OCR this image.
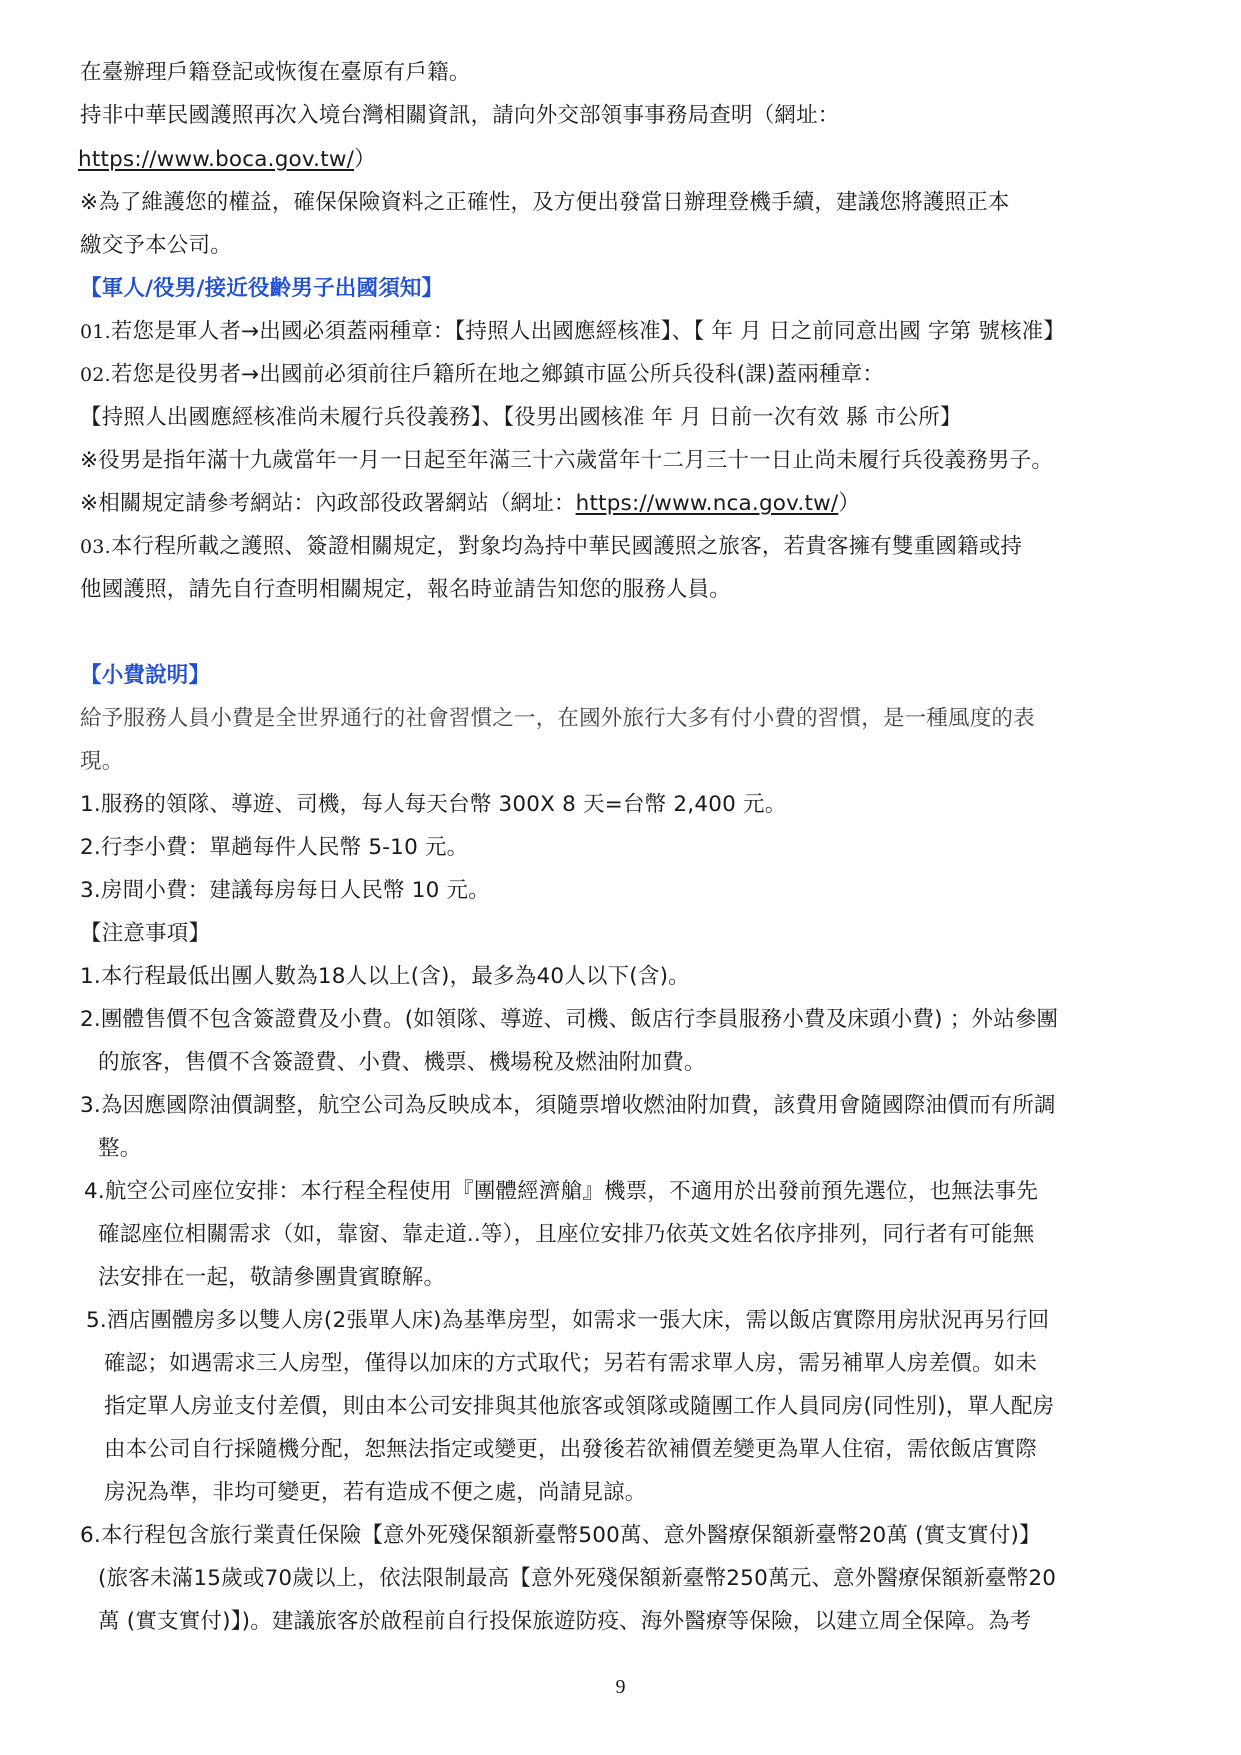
在臺辦理戶籍登記或恢復在臺原有戶籍。
持非中華民國護照再次入境台灣相關資訊，請向外交部領事事務局查明（網址：
https://www.boca.gov.tw/）
※為了維護您的權益，確保保險資料之正確性，及方便出發當日辦理登機手續，建議您將護照正本
繳交予本公司。
【軍人/役男/接近役齡男子出國須知】
01.若您是軍人者→出國必須蓋兩種章：【持照人出國應經核准】、【 年 月 日之前同意出國 字第 號核准】
02.若您是役男者→出國前必須前往戶籍所在地之鄉鎮市區公所兵役科(課)蓋兩種章：
【持照人出國應經核准尚未履行兵役義務】、【役男出國核准 年 月 日前一次有效 縣 市公所】
※役男是指年滿十九歲當年一月一日起至年滿三十六歲當年十二月三十一日止尚未履行兵役義務男子。
※相關規定請參考網站：內政部役政署網站（網址：https://www.nca.gov.tw/）
03.本行程所載之護照、簽證相關規定，對象均為持中華民國護照之旅客，若貴客擁有雙重國籍或持
他國護照，請先自行查明相關規定，報名時並請告知您的服務人員。
【小費說明】
給予服務人員小費是全世界通行的社會習慣之一，在國外旅行大多有付小費的習慣，是一種風度的表
現。
1.服務的領隊、導遊、司機，每人每天台幣 300X 8 天=台幣 2,400 元。
2.行李小費：單趟每件人民幣 5-10 元。
3.房間小費：建議每房每日人民幣 10 元。
【注意事項】
1.本行程最低出團人數為18人以上(含)，最多為40人以下(含)。
2.團體售價不包含簽證費及小費。(如領隊、導遊、司機、飯店行李員服務小費及床頭小費) ；外站參團
的旅客，售價不含簽證費、小費、機票、機場稅及燃油附加費。
3.為因應國際油價調整，航空公司為反映成本，須隨票增收燃油附加費，該費用會隨國際油價而有所調
整。
4.航空公司座位安排：本行程全程使用『團體經濟艙』機票，不適用於出發前預先選位，也無法事先
確認座位相關需求（如，靠窗、靠走道..等），且座位安排乃依英文姓名依序排列，同行者有可能無
法安排在一起，敬請參團貴賓瞭解。
5.酒店團體房多以雙人房(2張單人床)為基準房型，如需求一張大床，需以飯店實際用房狀況再另行回
確認；如遇需求三人房型，僅得以加床的方式取代；另若有需求單人房，需另補單人房差價。如未
指定單人房並支付差價，則由本公司安排與其他旅客或領隊或隨團工作人員同房(同性別)，單人配房
由本公司自行採隨機分配，恕無法指定或變更，出發後若欲補價差變更為單人住宿，需依飯店實際
房況為準，非均可變更，若有造成不便之處，尚請見諒。
6.本行程包含旅行業責任保險【意外死殘保額新臺幣500萬、意外醫療保額新臺幣20萬 (實支實付)】
(旅客未滿15歲或70歲以上，依法限制最高【意外死殘保額新臺幣250萬元、意外醫療保額新臺幣20
萬 (實支實付)】)。建議旅客於啟程前自行投保旅遊防疫、海外醫療等保險，以建立周全保障。為考
9
